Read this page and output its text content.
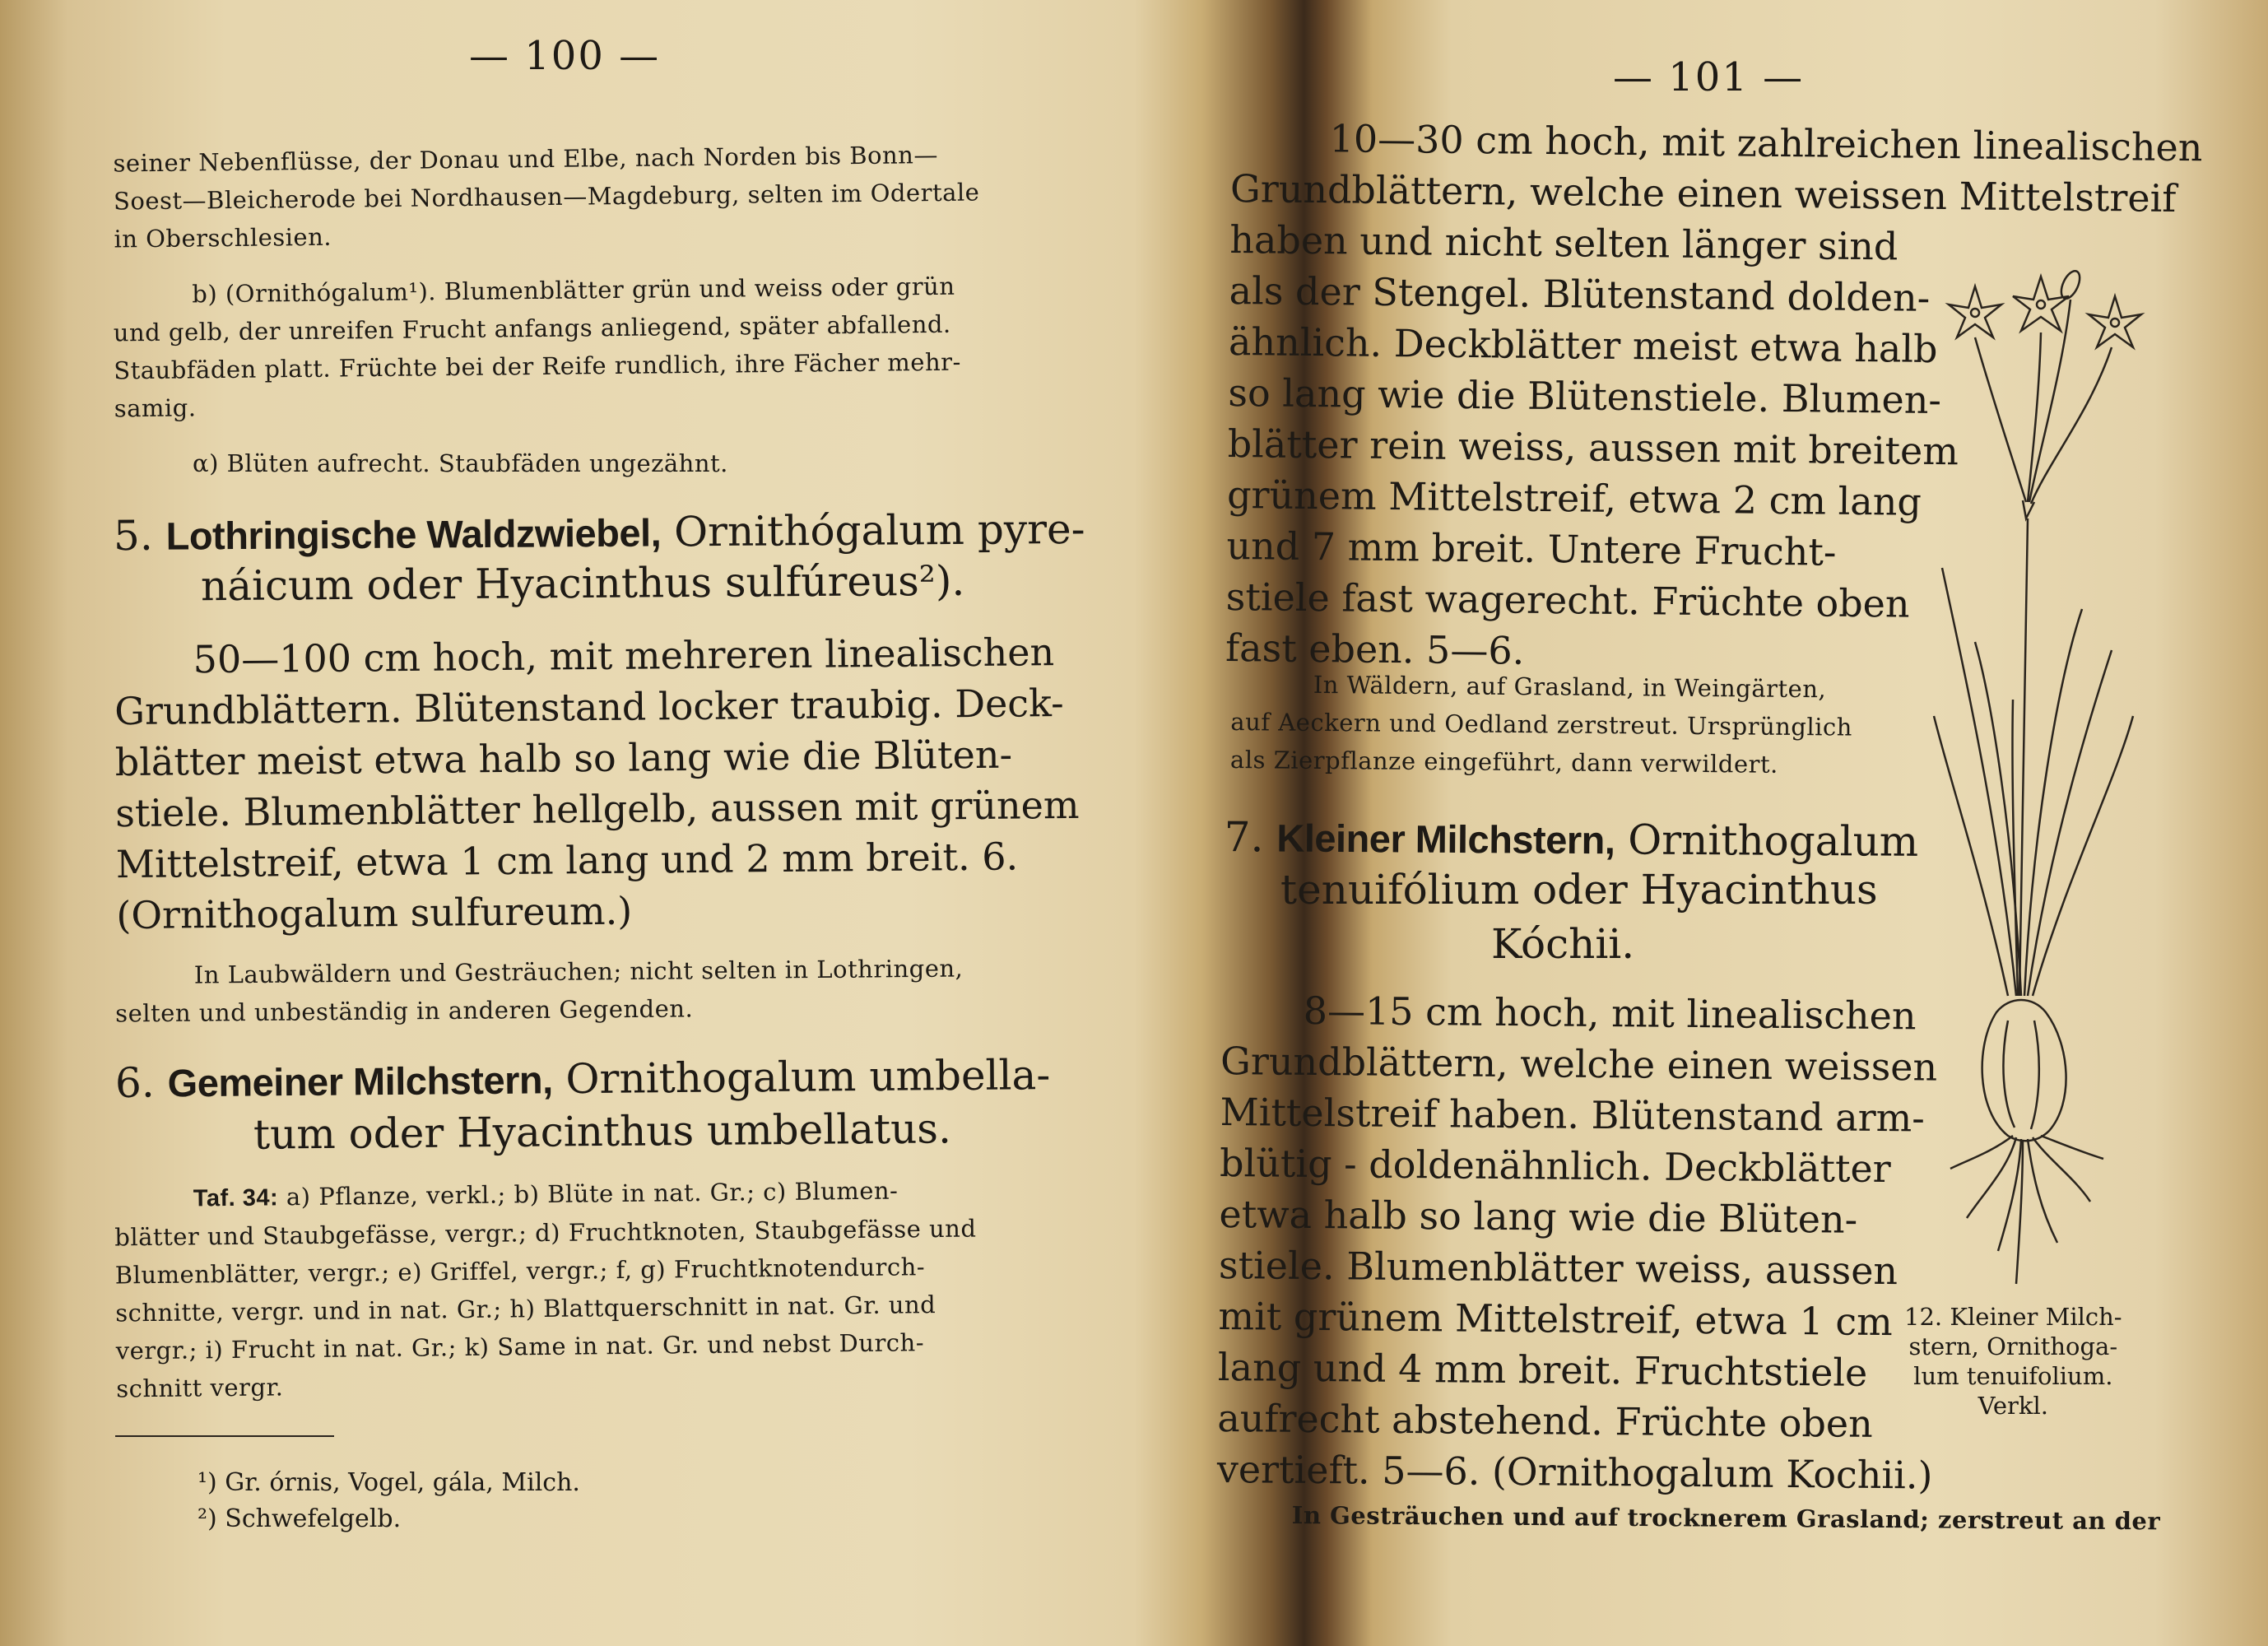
— 100 —
seiner Nebenflüsse, der Donau und Elbe, nach Norden bis Bonn—
Soest—Bleicherode bei Nordhausen—Magdeburg, selten im Odertale
in Oberschlesien.
b) (Ornithógalum¹). Blumenblätter grün und weiss oder grün
und gelb, der unreifen Frucht anfangs anliegend, später abfallend.
Staubfäden platt. Früchte bei der Reife rundlich, ihre Fächer mehr-
samig.
α) Blüten aufrecht. Staubfäden ungezähnt.
5. Lothringische Waldzwiebel, Ornithógalum pyre-
náicum oder Hyacinthus sulfúreus²).
50—100 cm hoch, mit mehreren linealischen
Grundblättern. Blütenstand locker traubig. Deck-
blätter meist etwa halb so lang wie die Blüten-
stiele. Blumenblätter hellgelb, aussen mit grünem
Mittelstreif, etwa 1 cm lang und 2 mm breit. 6.
(Ornithogalum sulfureum.)
In Laubwäldern und Gesträuchen; nicht selten in Lothringen,
selten und unbeständig in anderen Gegenden.
6. Gemeiner Milchstern, Ornithogalum umbella-
tum oder Hyacinthus umbellatus.
Taf. 34: a) Pflanze, verkl.; b) Blüte in nat. Gr.; c) Blumen-
blätter und Staubgefässe, vergr.; d) Fruchtknoten, Staubgefässe und
Blumenblätter, vergr.; e) Griffel, vergr.; f, g) Fruchtknotendurch-
schnitte, vergr. und in nat. Gr.; h) Blattquerschnitt in nat. Gr. und
vergr.; i) Frucht in nat. Gr.; k) Same in nat. Gr. und nebst Durch-
schnitt vergr.
¹) Gr. órnis, Vogel, gála, Milch.
²) Schwefelgelb.
— 101 —
10—30 cm hoch, mit zahlreichen linealischen
Grundblättern, welche einen weissen Mittelstreif
haben und nicht selten länger sind
als der Stengel. Blütenstand dolden-
ähnlich. Deckblätter meist etwa halb
so lang wie die Blütenstiele. Blumen-
blätter rein weiss, aussen mit breitem
grünem Mittelstreif, etwa 2 cm lang
und 7 mm breit. Untere Frucht-
stiele fast wagerecht. Früchte oben
fast eben. 5—6.
In Wäldern, auf Grasland, in Weingärten,
auf Aeckern und Oedland zerstreut. Ursprünglich
als Zierpflanze eingeführt, dann verwildert.
7. Kleiner Milchstern, Ornithogalum
tenuifólium oder Hyacinthus
Kóchii.
8—15 cm hoch, mit linealischen
Grundblättern, welche einen weissen
Mittelstreif haben. Blütenstand arm-
blütig - doldenähnlich. Deckblätter
etwa halb so lang wie die Blüten-
stiele. Blumenblätter weiss, aussen
mit grünem Mittelstreif, etwa 1 cm
lang und 4 mm breit. Fruchtstiele
aufrecht abstehend. Früchte oben
vertieft. 5—6. (Ornithogalum Kochii.)
In Gesträuchen und auf trocknerem Grasland; zerstreut an der
12. Kleiner Milch-
stern, Ornithoga-
lum tenuifolium.
Verkl.
